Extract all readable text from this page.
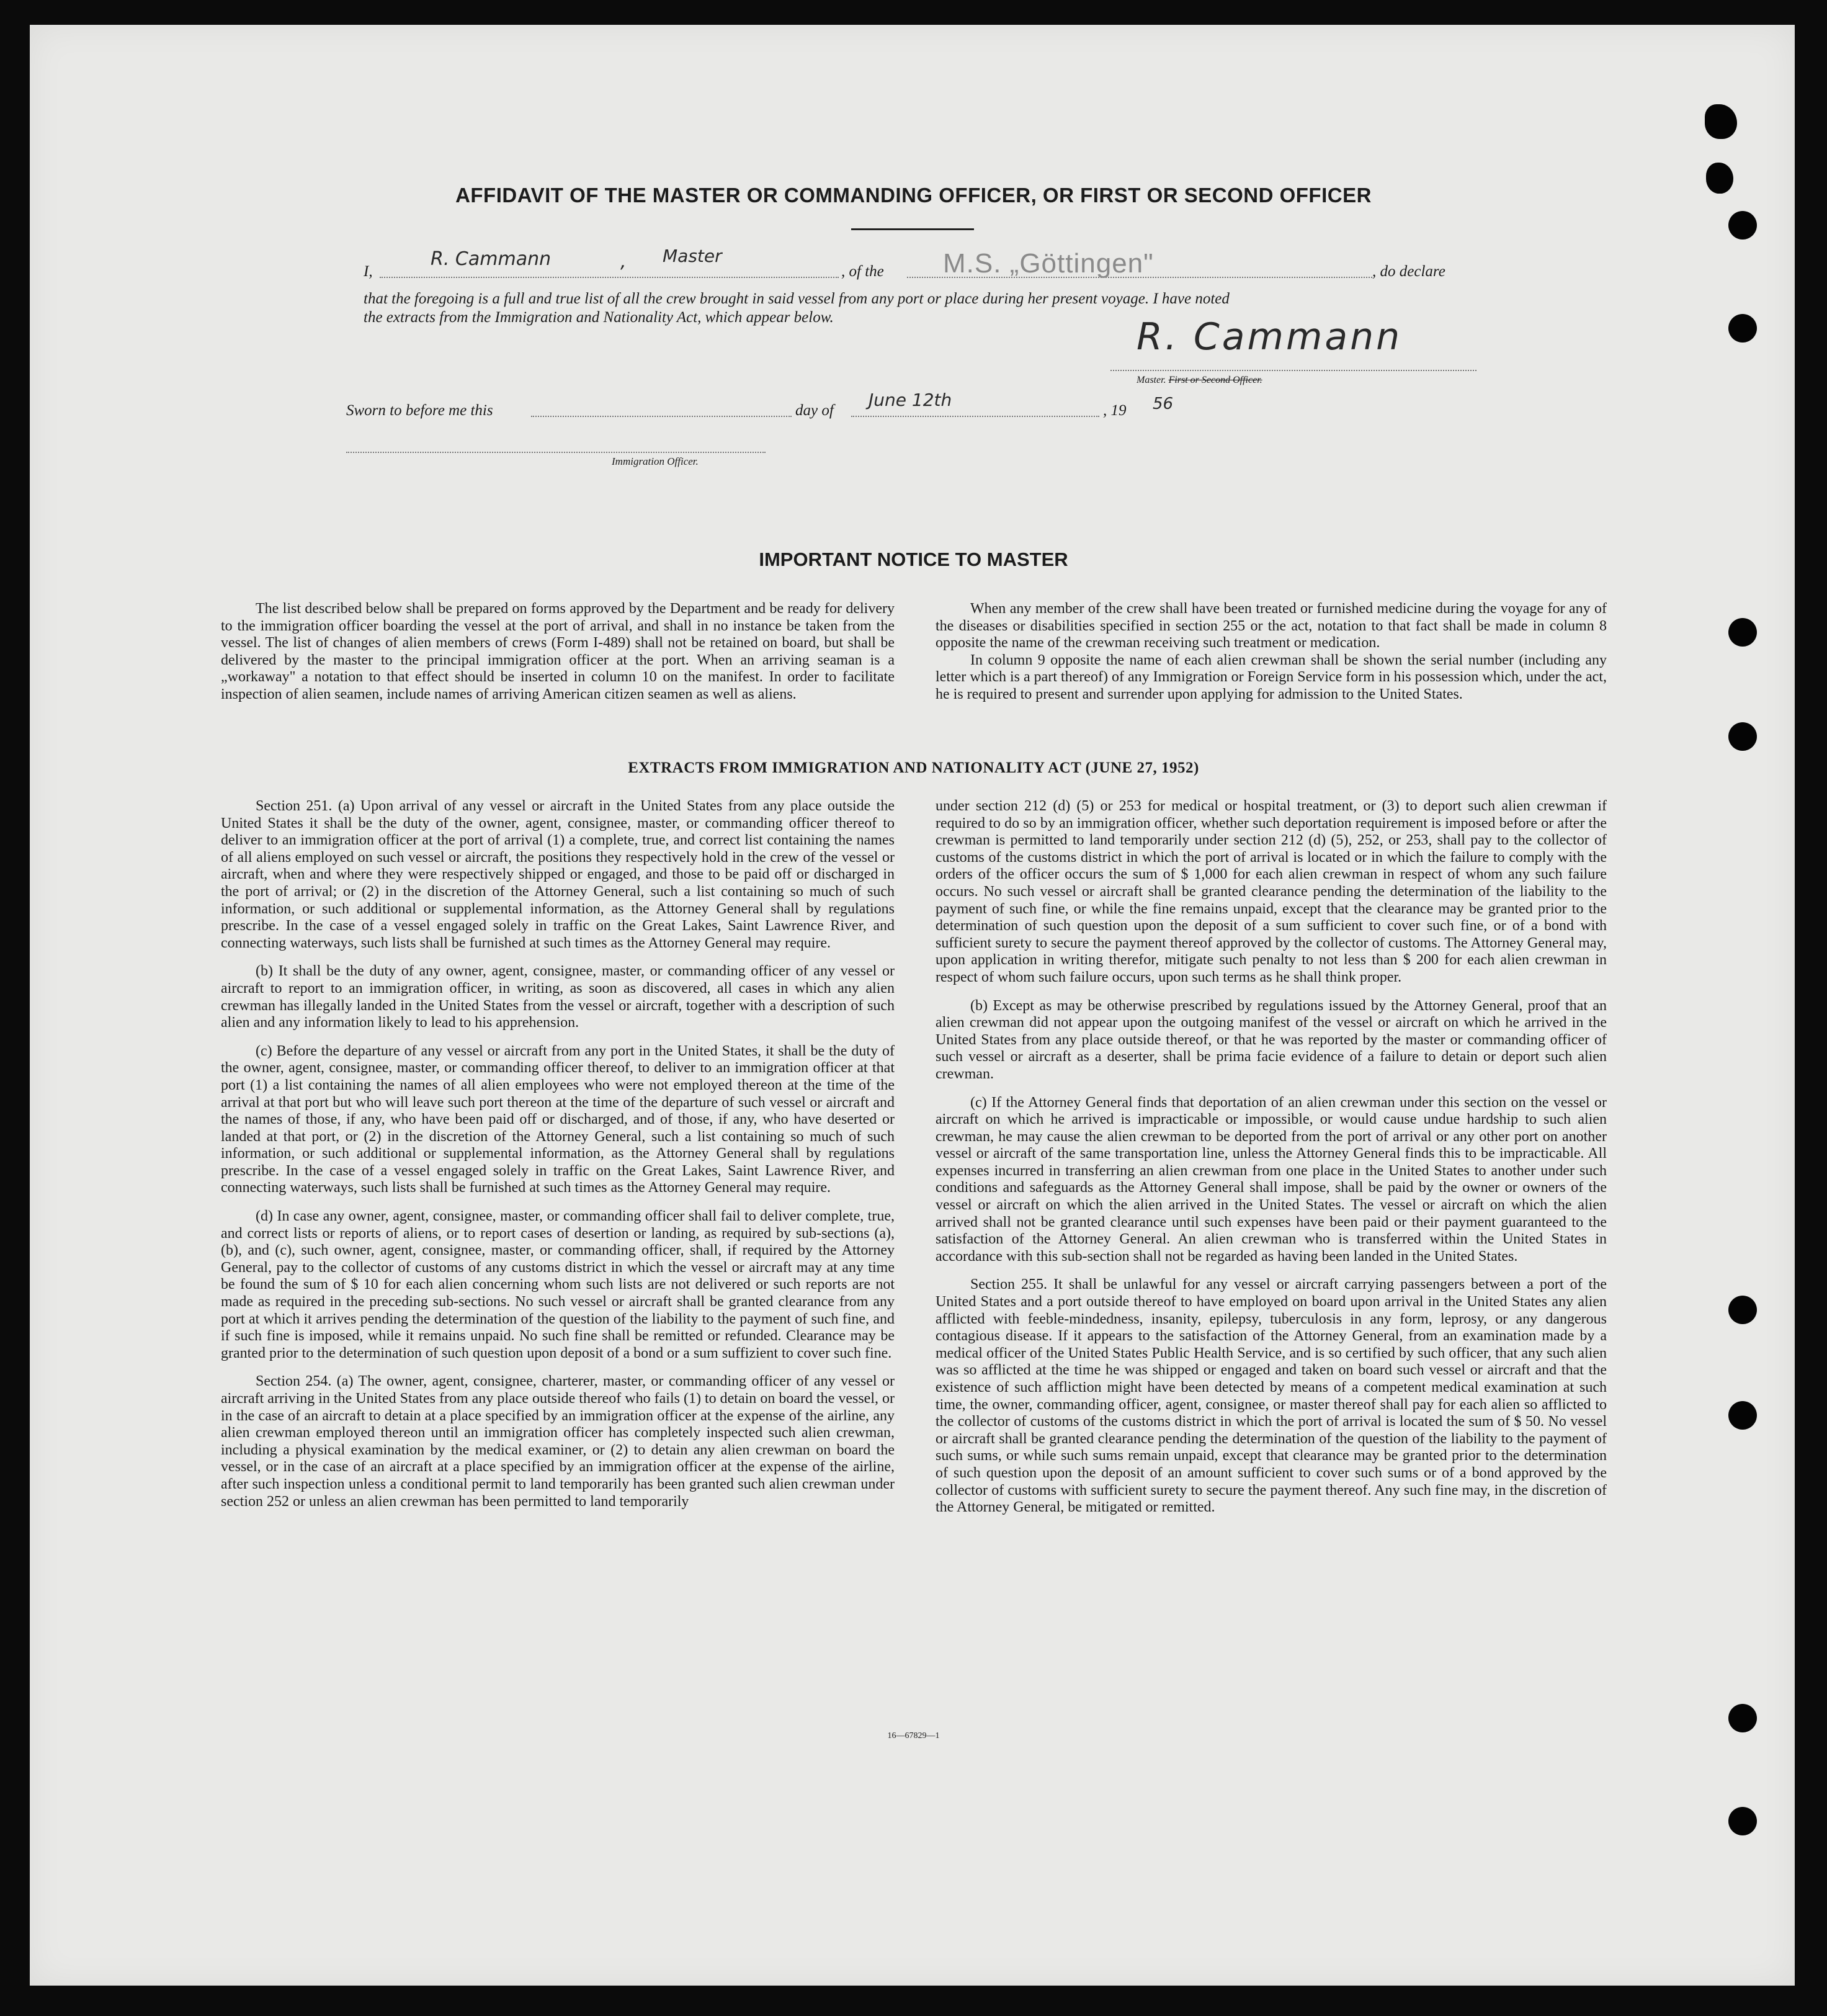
AFFIDAVIT OF THE MASTER OR COMMANDING OFFICER, OR FIRST OR SECOND OFFICER
I,
R. Cammann	, Master
, of the M.S. „Göttingen"	, do declare
that the foregoing is a full and true list of all the crew brought in said vessel from any port or place during her present voyage. I have noted
the extracts from the Immigration and Nationality Act, which appear below.	R. Cammann
Master. First or Second Officer.
Sworn to before me this	day of
June 12th
, 19 56
Immigration Officer.
IMPORTANT NOTICE TO MASTER

The list described below shall be prepared on forms approved by the Department and be ready for delivery to the immigration officer boarding the vessel at the port of arrival, and shall in no instance be taken from the vessel. The list of changes of alien members of crews (Form I-489) shall not be retained on board, but shall be delivered by the master to the principal immigration officer at the port. When an arriving seaman is a „workaway" a notation to that effect should be inserted in column 10 on the manifest. In order to facilitate inspection of alien seamen, include names of arriving American citizen seamen as well as aliens.

When any member of the crew shall have been treated or furnished medicine during the voyage for any of the diseases or disabilities specified in section 255 or the act, notation to that fact shall be made in column 8 opposite the name of the crewman receiving such treatment or medication.

In column 9 opposite the name of each alien crewman shall be shown the serial number (including any letter which is a part thereof) of any Immigration or Foreign Service form in his possession which, under the act, he is required to present and surrender upon applying for admission to the United States.

EXTRACTS FROM IMMIGRATION AND NATIONALITY ACT (JUNE 27, 1952)

Section 251. (a) Upon arrival of any vessel or aircraft in the United States from any place outside the United States it shall be the duty of the owner, agent, consignee, master, or commanding officer thereof to deliver to an immigration officer at the port of arrival (1) a complete, true, and correct list containing the names of all aliens employed on such vessel or aircraft, the positions they respectively hold in the crew of the vessel or aircraft, when and where they were respectively shipped or engaged, and those to be paid off or discharged in the port of arrival; or (2) in the discretion of the Attorney General, such a list containing so much of such information, or such additional or supplemental information, as the Attorney General shall by regulations prescribe. In the case of a vessel engaged solely in traffic on the Great Lakes, Saint Lawrence River, and connecting waterways, such lists shall be furnished at such times as the Attorney General may require.

(b) It shall be the duty of any owner, agent, consignee, master, or commanding officer of any vessel or aircraft to report to an immigration officer, in writing, as soon as discovered, all cases in which any alien crewman has illegally landed in the United States from the vessel or aircraft, together with a description of such alien and any information likely to lead to his apprehension.

(c) Before the departure of any vessel or aircraft from any port in the United States, it shall be the duty of the owner, agent, consignee, master, or commanding officer thereof, to deliver to an immigration officer at that port (1) a list containing the names of all alien employees who were not employed thereon at the time of the arrival at that port but who will leave such port thereon at the time of the departure of such vessel or aircraft and the names of those, if any, who have been paid off or discharged, and of those, if any, who have deserted or landed at that port, or (2) in the discretion of the Attorney General, such a list containing so much of such information, or such additional or supplemental information, as the Attorney General shall by regulations prescribe. In the case of a vessel engaged solely in traffic on the Great Lakes, Saint Lawrence River, and connecting waterways, such lists shall be furnished at such times as the Attorney General may require.

(d) In case any owner, agent, consignee, master, or commanding officer shall fail to deliver complete, true, and correct lists or reports of aliens, or to report cases of desertion or landing, as required by sub-sections (a), (b), and (c), such owner, agent, consignee, master, or commanding officer, shall, if required by the Attorney General, pay to the collector of customs of any customs district in which the vessel or aircraft may at any time be found the sum of $ 10 for each alien concerning whom such lists are not delivered or such reports are not made as required in the preceding sub-sections. No such vessel or aircraft shall be granted clearance from any port at which it arrives pending the determination of the question of the liability to the payment of such fine, and if such fine is imposed, while it remains unpaid. No such fine shall be remitted or refunded. Clearance may be granted prior to the determination of such question upon deposit of a bond or a sum suffizient to cover such fine.

Section 254. (a) The owner, agent, consignee, charterer, master, or commanding officer of any vessel or aircraft arriving in the United States from any place outside thereof who fails (1) to detain on board the vessel, or in the case of an aircraft to detain at a place specified by an immigration officer at the expense of the airline, any alien crewman employed thereon until an immigration officer has completely inspected such alien crewman, including a physical examination by the medical examiner, or (2) to detain any alien crewman on board the vessel, or in the case of an aircraft at a place specified by an immigration officer at the expense of the airline, after such inspection unless a conditional permit to land temporarily has been granted such alien crewman under section 252 or unless an alien crewman has been permitted to land temporarily

under section 212 (d) (5) or 253 for medical or hospital treatment, or (3) to deport such alien crewman if required to do so by an immigration officer, whether such deportation requirement is imposed before or after the crewman is permitted to land temporarily under section 212 (d) (5), 252, or 253, shall pay to the collector of customs of the customs district in which the port of arrival is located or in which the failure to comply with the orders of the officer occurs the sum of $ 1,000 for each alien crewman in respect of whom any such failure occurs. No such vessel or aircraft shall be granted clearance pending the determination of the liability to the payment of such fine, or while the fine remains unpaid, except that the clearance may be granted prior to the determination of such question upon the deposit of a sum sufficient to cover such fine, or of a bond with sufficient surety to secure the payment thereof approved by the collector of customs. The Attorney General may, upon application in writing therefor, mitigate such penalty to not less than $ 200 for each alien crewman in respect of whom such failure occurs, upon such terms as he shall think proper.

(b) Except as may be otherwise prescribed by regulations issued by the Attorney General, proof that an alien crewman did not appear upon the outgoing manifest of the vessel or aircraft on which he arrived in the United States from any place outside thereof, or that he was reported by the master or commanding officer of such vessel or aircraft as a deserter, shall be prima facie evidence of a failure to detain or deport such alien crewman.

(c) If the Attorney General finds that deportation of an alien crewman under this section on the vessel or aircraft on which he arrived is impracticable or impossible, or would cause undue hardship to such alien crewman, he may cause the alien crewman to be deported from the port of arrival or any other port on another vessel or aircraft of the same transportation line, unless the Attorney General finds this to be impracticable. All expenses incurred in transferring an alien crewman from one place in the United States to another under such conditions and safeguards as the Attorney General shall impose, shall be paid by the owner or owners of the vessel or aircraft on which the alien arrived in the United States. The vessel or aircraft on which the alien arrived shall not be granted clearance until such expenses have been paid or their payment guaranteed to the satisfaction of the Attorney General. An alien crewman who is transferred within the United States in accordance with this sub-section shall not be regarded as having been landed in the United States.

Section 255. It shall be unlawful for any vessel or aircraft carrying passengers between a port of the United States and a port outside thereof to have employed on board upon arrival in the United States any alien afflicted with feeble-mindedness, insanity, epilepsy, tuberculosis in any form, leprosy, or any dangerous contagious disease. If it appears to the satisfaction of the Attorney General, from an examination made by a medical officer of the United States Public Health Service, and is so certified by such officer, that any such alien was so afflicted at the time he was shipped or engaged and taken on board such vessel or aircraft and that the existence of such affliction might have been detected by means of a competent medical examination at such time, the owner, commanding officer, agent, consignee, or master thereof shall pay for each alien so afflicted to the collector of customs of the customs district in which the port of arrival is located the sum of $ 50. No vessel or aircraft shall be granted clearance pending the determination of the question of the liability to the payment of such sums, or while such sums remain unpaid, except that clearance may be granted prior to the determination of such question upon the deposit of an amount sufficient to cover such sums or of a bond approved by the collector of customs with sufficient surety to secure the payment thereof. Any such fine may, in the discretion of the Attorney General, be mitigated or remitted.

16—67829—1
